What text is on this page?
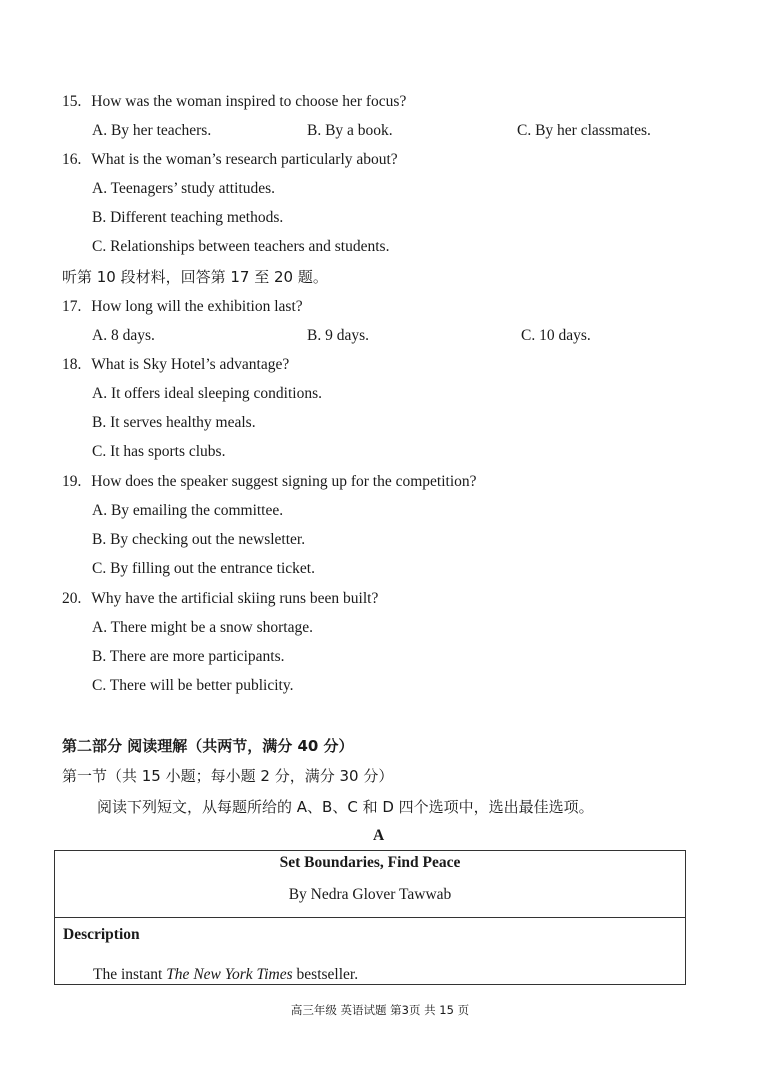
15. How was the woman inspired to choose her focus?
A. By her teachers.	B. By a book.	C. By her classmates.
16. What is the woman’s research particularly about?
A. Teenagers’ study attitudes.
B. Different teaching methods.
C. Relationships between teachers and students.
听第 10 段材料，回答第 17 至 20 题。
17. How long will the exhibition last?
A. 8 days.	B. 9 days.	C. 10 days.
18. What is Sky Hotel’s advantage?
A. It offers ideal sleeping conditions.
B. It serves healthy meals.
C. It has sports clubs.
19. How does the speaker suggest signing up for the competition?
A. By emailing the committee.
B. By checking out the newsletter.
C. By filling out the entrance ticket.
20. Why have the artificial skiing runs been built?
A. There might be a snow shortage.
B. There are more participants.
C. There will be better publicity.
第二部分 阅读理解（共两节，满分 40 分）
第一节（共 15 小题；每小题 2 分，满分 30 分）
阅读下列短文，从每题所给的 A、B、C 和 D 四个选项中，选出最佳选项。
A
Set Boundaries, Find Peace
By Nedra Glover Tawwab
Description
The instant The New York Times bestseller.
高三年级 英语试题 第3页 共 15 页
